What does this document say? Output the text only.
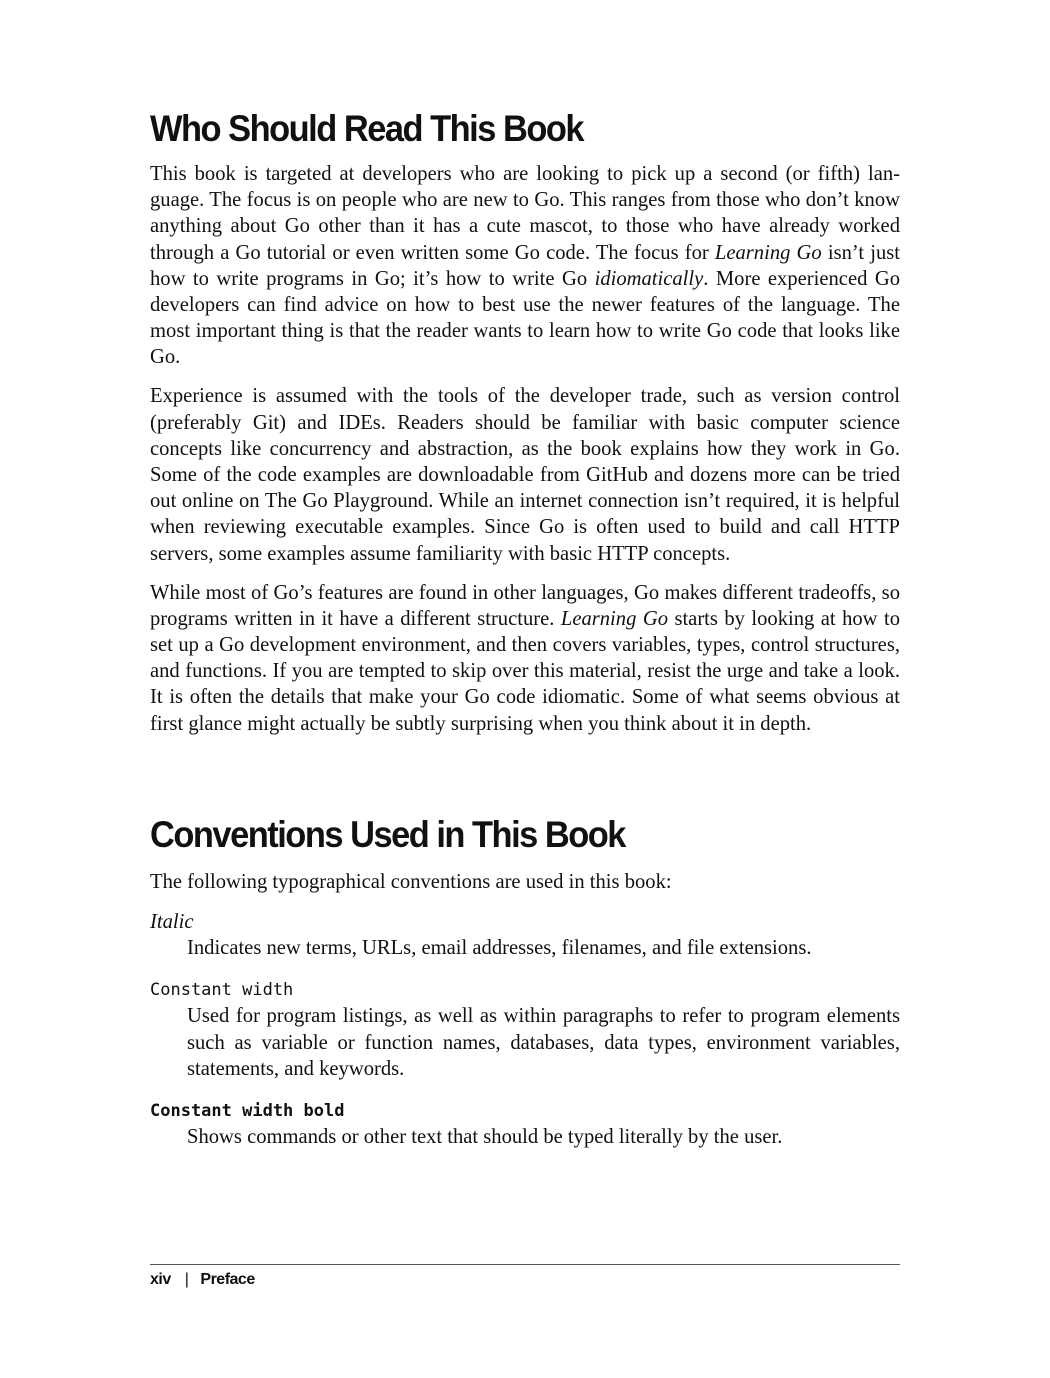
Who Should Read This Book

This book is targeted at developers who are looking to pick up a second (or fifth) language. The focus is on people who are new to Go. This ranges from those who don’t know anything about Go other than it has a cute mascot, to those who have already worked through a Go tutorial or even written some Go code. The focus for Learning Go isn’t just how to write programs in Go; it’s how to write Go idiomatically. More experienced Go developers can find advice on how to best use the newer features of the language. The most important thing is that the reader wants to learn how to write Go code that looks like Go.

Experience is assumed with the tools of the developer trade, such as version control (preferably Git) and IDEs. Readers should be familiar with basic computer science concepts like concurrency and abstraction, as the book explains how they work in Go. Some of the code examples are downloadable from GitHub and dozens more can be tried out online on The Go Playground. While an internet connection isn’t required, it is helpful when reviewing executable examples. Since Go is often used to build and call HTTP servers, some examples assume familiarity with basic HTTP concepts.

While most of Go’s features are found in other languages, Go makes different tradeoffs, so programs written in it have a different structure. Learning Go starts by looking at how to set up a Go development environment, and then covers variables, types, control structures, and functions. If you are tempted to skip over this material, resist the urge and take a look. It is often the details that make your Go code idiomatic. Some of what seems obvious at first glance might actually be subtly surprising when you think about it in depth.

Conventions Used in This Book

The following typographical conventions are used in this book:

Italic

Indicates new terms, URLs, email addresses, filenames, and file extensions.

Constant width

Used for program listings, as well as within paragraphs to refer to program elements such as variable or function names, databases, data types, environment variables, statements, and keywords.

Constant width bold

Shows commands or other text that should be typed literally by the user.

xiv | Preface
